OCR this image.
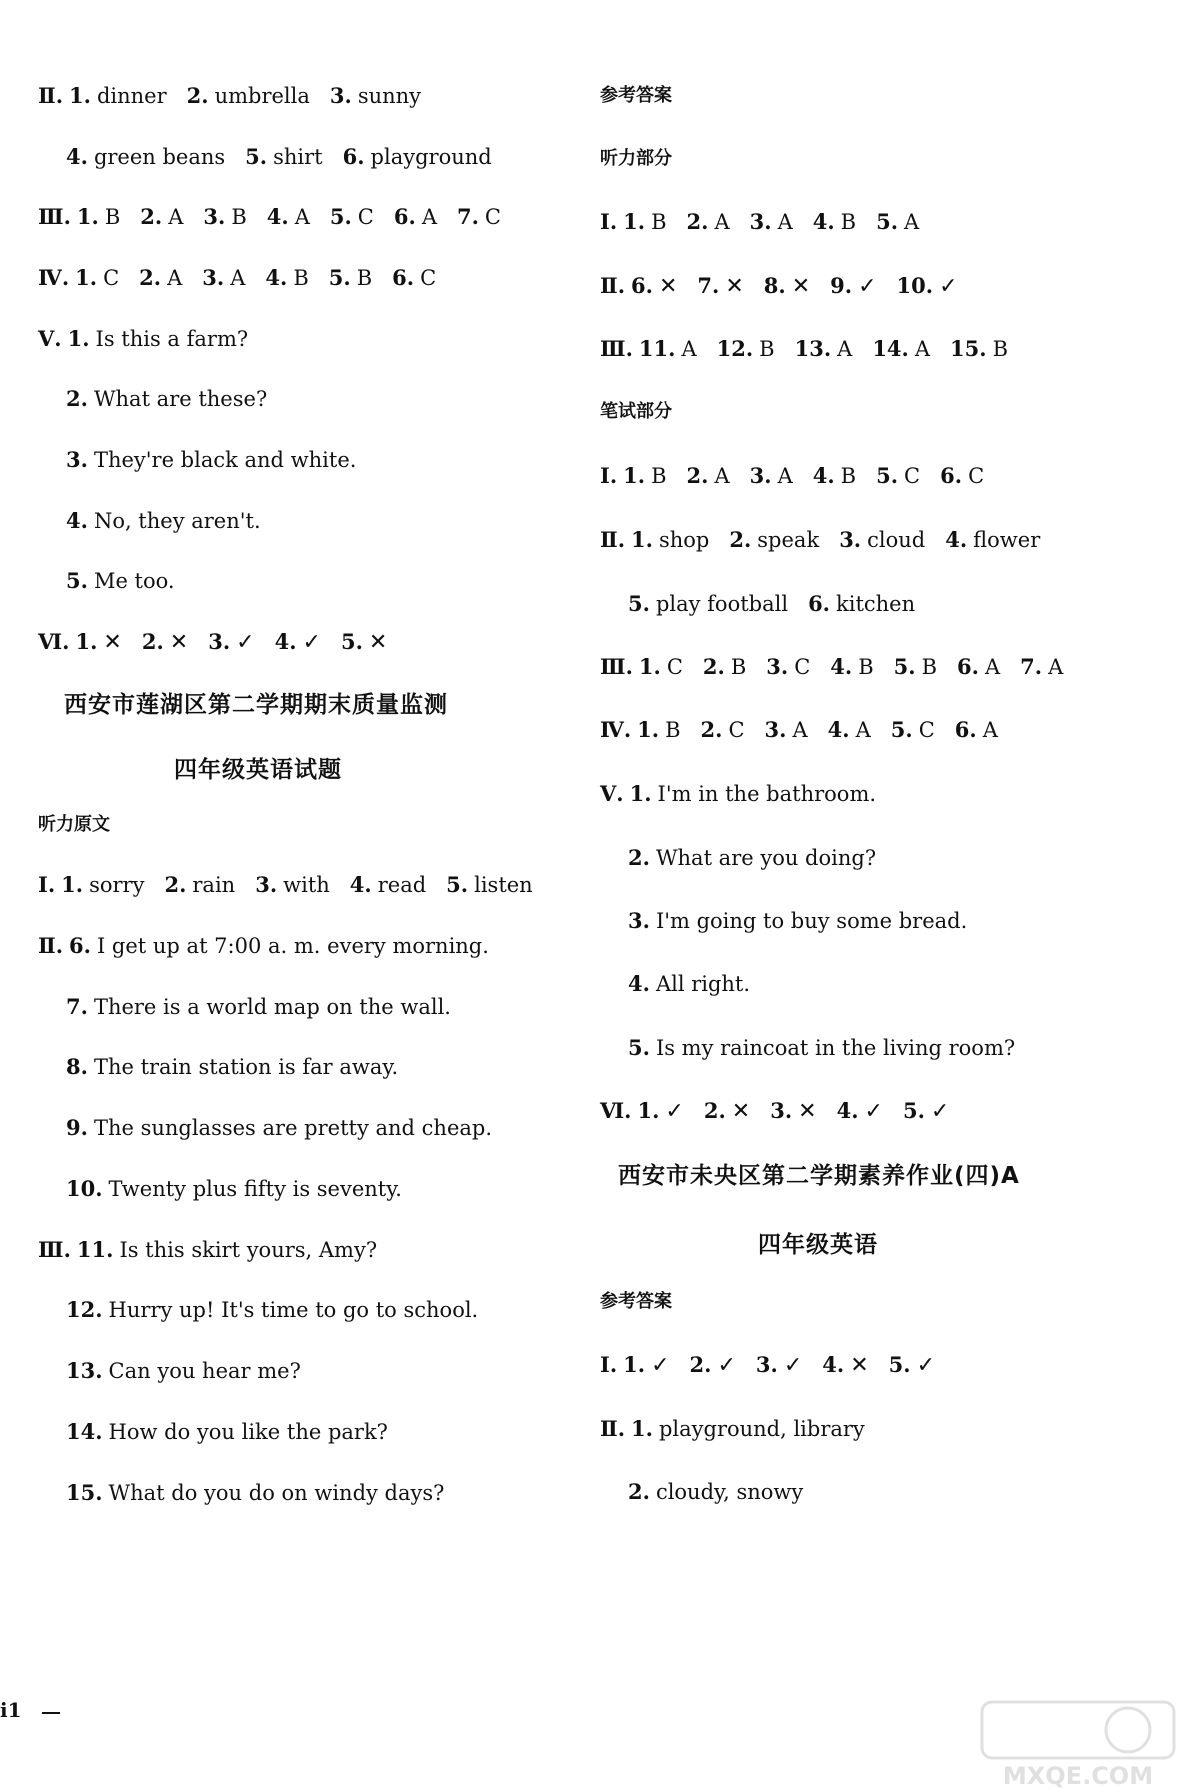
Ⅱ. 1. dinner 2. umbrella 3. sunny
4. green beans 5. shirt 6. playground
Ⅲ. 1. B 2. A 3. B 4. A 5. C 6. A 7. C
Ⅳ. 1. C 2. A 3. A 4. B 5. B 6. C
Ⅴ. 1. Is this a farm?
2. What are these?
3. They're black and white.
4. No, they aren't.
5. Me too.
Ⅵ. 1. ✕ 2. ✕ 3. ✓ 4. ✓ 5. ✕
西安市莲湖区第二学期期末质量监测
四年级英语试题
听力原文
Ⅰ. 1. sorry 2. rain 3. with 4. read 5. listen
Ⅱ. 6. I get up at 7:00 a. m. every morning.
7. There is a world map on the wall.
8. The train station is far away.
9. The sunglasses are pretty and cheap.
10. Twenty plus fifty is seventy.
Ⅲ. 11. Is this skirt yours, Amy?
12. Hurry up! It's time to go to school.
13. Can you hear me?
14. How do you like the park?
15. What do you do on windy days?
参考答案
听力部分
Ⅰ. 1. B 2. A 3. A 4. B 5. A
Ⅱ. 6. ✕ 7. ✕ 8. ✕ 9. ✓ 10. ✓
Ⅲ. 11. A 12. B 13. A 14. A 15. B
笔试部分
Ⅰ. 1. B 2. A 3. A 4. B 5. C 6. C
Ⅱ. 1. shop 2. speak 3. cloud 4. flower
5. play football 6. kitchen
Ⅲ. 1. C 2. B 3. C 4. B 5. B 6. A 7. A
Ⅳ. 1. B 2. C 3. A 4. A 5. C 6. A
Ⅴ. 1. I'm in the bathroom.
2. What are you doing?
3. I'm going to buy some bread.
4. All right.
5. Is my raincoat in the living room?
Ⅵ. 1. ✓ 2. ✕ 3. ✕ 4. ✓ 5. ✓
西安市未央区第二学期素养作业(四)A
四年级英语
参考答案
Ⅰ. 1. ✓ 2. ✓ 3. ✓ 4. ✕ 5. ✓
Ⅱ. 1. playground, library
2. cloudy, snowy
i1
MXQE.COM
